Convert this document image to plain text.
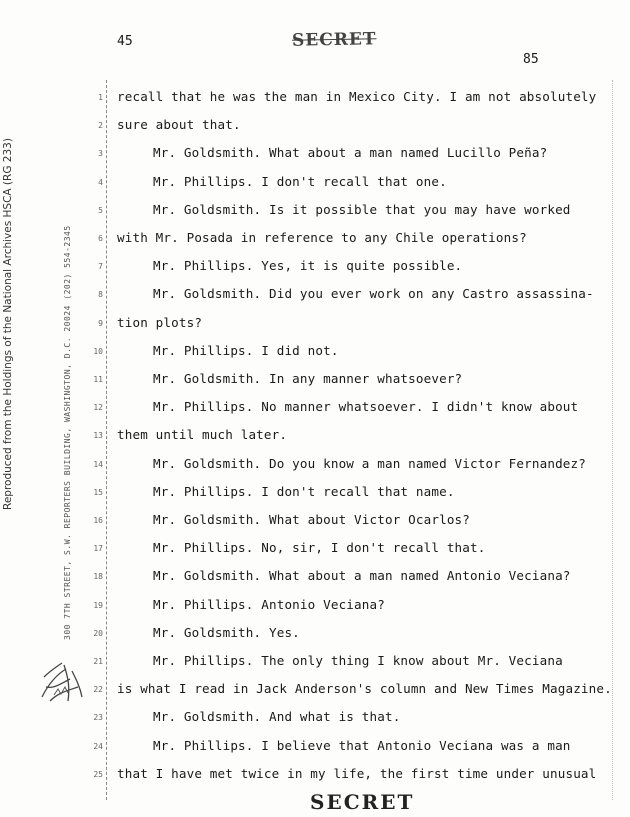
45	SECRET
85
Reproduced from the Holdings of the National Archives HSCA (RG 233)	300 7TH STREET, S.W. REPORTERS BUILDING, WASHINGTON, D.C. 20024 (202) 554-2345
1 recall that he was the man in Mexico City. I am not absolutely
2 sure about that.
3	Mr. Goldsmith. What about a man named Lucillo Peña?
4	Mr. Phillips. I don't recall that one.
5	Mr. Goldsmith. Is it possible that you may have worked
6 with Mr. Posada in reference to any Chile operations?
7	Mr. Phillips. Yes, it is quite possible.
8	Mr. Goldsmith. Did you ever work on any Castro assassina-
9 tion plots?
10	Mr. Phillips. I did not.
11	Mr. Goldsmith. In any manner whatsoever?
12	Mr. Phillips. No manner whatsoever. I didn't know about
13 them until much later.
14	Mr. Goldsmith. Do you know a man named Victor Fernandez?
15	Mr. Phillips. I don't recall that name.
16	Mr. Goldsmith. What about Victor Ocarlos?
17	Mr. Phillips. No, sir, I don't recall that.
18	Mr. Goldsmith. What about a man named Antonio Veciana?
19	Mr. Phillips. Antonio Veciana?
20	Mr. Goldsmith. Yes.
21	Mr. Phillips. The only thing I know about Mr. Veciana
22 is what I read in Jack Anderson's column and New Times Magazine.
23	Mr. Goldsmith. And what is that.
24	Mr. Phillips. I believe that Antonio Veciana was a man
25 that I have met twice in my life, the first time under unusual
SECRET
